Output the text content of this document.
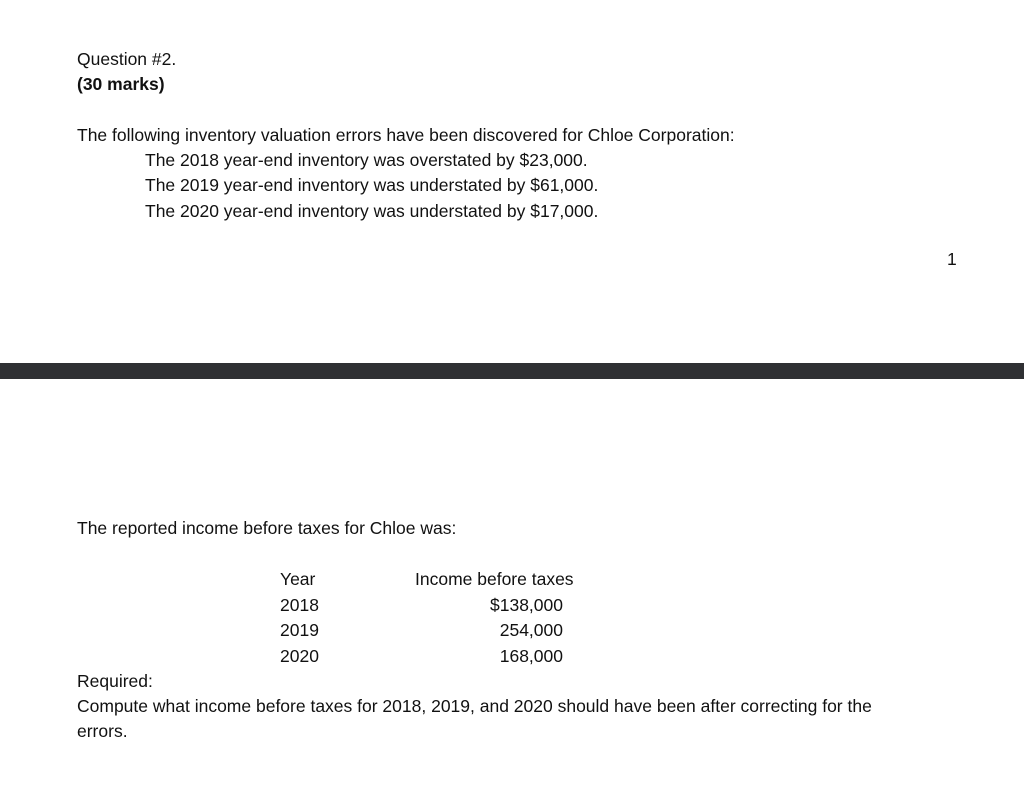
Question #2.
(30 marks)
The following inventory valuation errors have been discovered for Chloe Corporation:
The 2018 year-end inventory was overstated by $23,000.
The 2019 year-end inventory was understated by $61,000.
The 2020 year-end inventory was understated by $17,000.
1
The reported income before taxes for Chloe was:
Year	Income before taxes
2018	$138,000
2019	254,000
2020	168,000
Required:
Compute what income before taxes for 2018, 2019, and 2020 should have been after correcting for the
errors.
